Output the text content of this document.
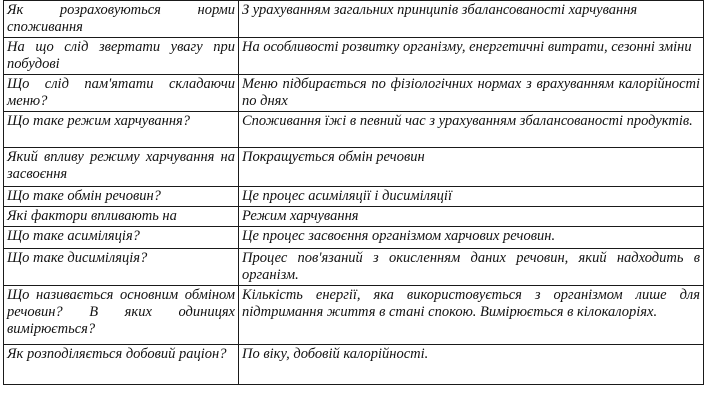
Як розраховуються норми споживання	З урахуванням загальних принципів збалансованості харчування
На що слід звертати увагу при побудові	На особливості розвитку організму, енергетичні витрати, сезонні зміни
Що слід пам'ятати складаючи меню?	Меню підбирається по фізіологічних нормах з врахуванням калорійності по днях
Що таке режим харчування?	Споживання їжі в певний час з урахуванням збалансованості продуктів.
Який впливу режиму харчування на засвоєння	Покращується обмін речовин
Що таке обмін речовин?	Це процес асиміляції і дисиміляції
Які фактори впливають на	Режим харчування
Що таке асиміляція?	Це процес засвоєння організмом харчових речовин.
Що таке дисиміляція?	Процес пов'язаний з окисленням даних речовин, який надходить в організм.
Що називається основним обміном речовин? В яких одиницях вимірюється?	Кількість енергії, яка використовується з організмом лише для підтримання життя в стані спокою. Вимірюється в кілокалоріях.
Як розподіляється добовий раціон?	По віку, добовій калорійності.
